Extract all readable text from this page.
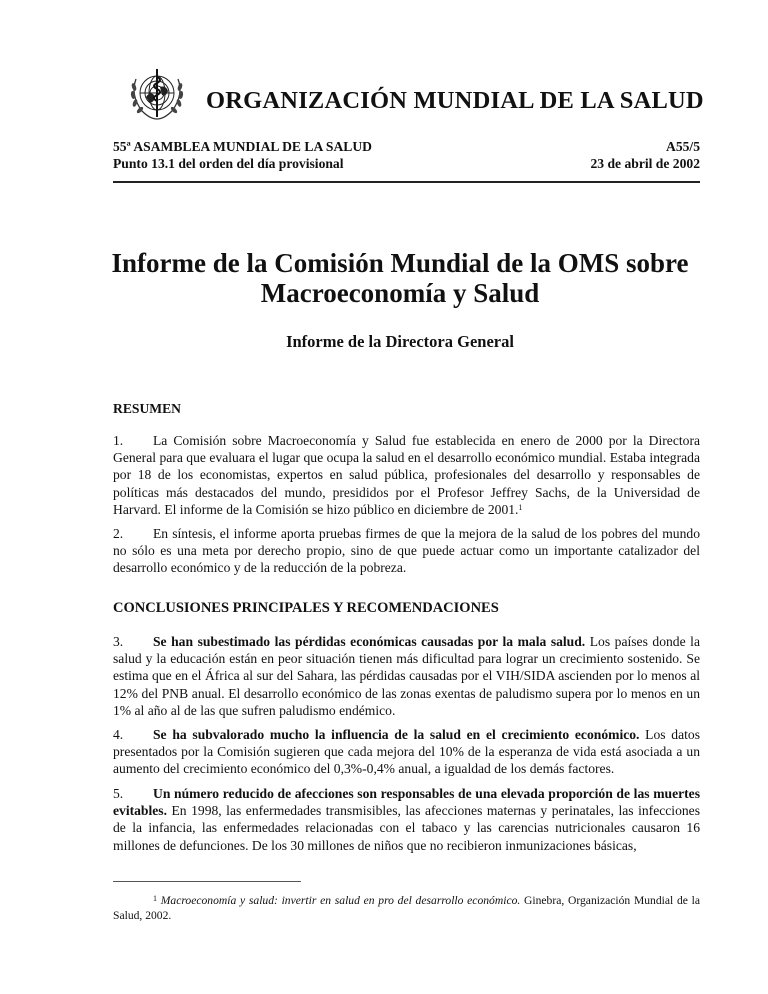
ORGANIZACIÓN MUNDIAL DE LA SALUD
55ª ASAMBLEA MUNDIAL DE LA SALUD
Punto 13.1 del orden del día provisional
A55/5
23 de abril de 2002
Informe de la Comisión Mundial de la OMS sobre
Macroeconomía y Salud
Informe de la Directora General
RESUMEN
1. La Comisión sobre Macroeconomía y Salud fue establecida en enero de 2000 por la Directora General para que evaluara el lugar que ocupa la salud en el desarrollo económico mundial. Estaba integrada por 18 de los economistas, expertos en salud pública, profesionales del desarrollo y responsables de políticas más destacados del mundo, presididos por el Profesor Jeffrey Sachs, de la Universidad de Harvard. El informe de la Comisión se hizo público en diciembre de 2001.$^1$
2. En síntesis, el informe aporta pruebas firmes de que la mejora de la salud de los pobres del mundo no sólo es una meta por derecho propio, sino de que puede actuar como un importante catalizador del desarrollo económico y de la reducción de la pobreza.
CONCLUSIONES PRINCIPALES Y RECOMENDACIONES
3. Se han subestimado las pérdidas económicas causadas por la mala salud. Los países donde la salud y la educación están en peor situación tienen más dificultad para lograr un crecimiento sostenido. Se estima que en el África al sur del Sahara, las pérdidas causadas por el VIH/SIDA ascienden por lo menos al 12% del PNB anual. El desarrollo económico de las zonas exentas de paludismo supera por lo menos en un 1% al año al de las que sufren paludismo endémico.
4. Se ha subvalorado mucho la influencia de la salud en el crecimiento económico. Los datos presentados por la Comisión sugieren que cada mejora del 10% de la esperanza de vida está asociada a un aumento del crecimiento económico del 0,3%-0,4% anual, a igualdad de los demás factores.
5. Un número reducido de afecciones son responsables de una elevada proporción de las muertes evitables. En 1998, las enfermedades transmisibles, las afecciones maternas y perinatales, las infecciones de la infancia, las enfermedades relacionadas con el tabaco y las carencias nutricionales causaron 16 millones de defunciones. De los 30 millones de niños que no recibieron inmunizaciones básicas,
$^1$ Macroeconomía y salud: invertir en salud en pro del desarrollo económico. Ginebra, Organización Mundial de la Salud, 2002.
